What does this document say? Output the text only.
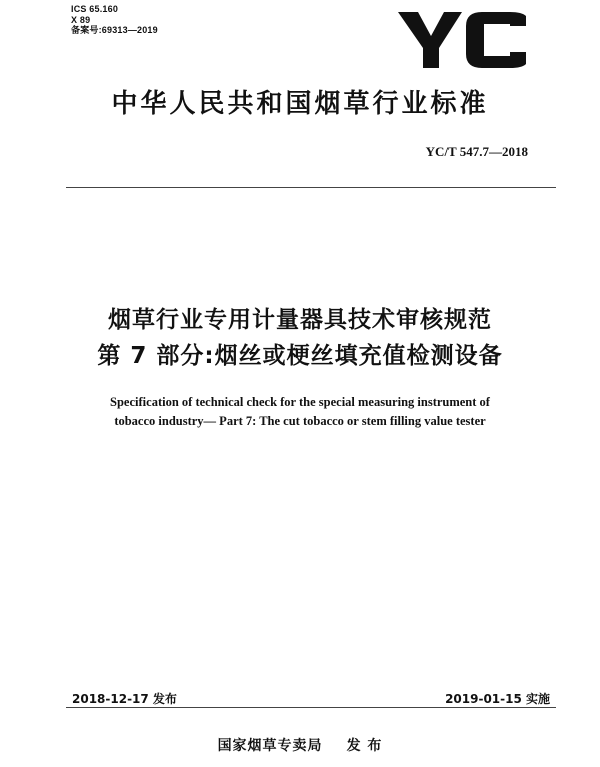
ICS 65.160
X 89
备案号:69313—2019
中华人民共和国烟草行业标准
YC/T 547.7—2018
烟草行业专用计量器具技术审核规范
第 7 部分:烟丝或梗丝填充值检测设备
Specification of technical check for the special measuring instrument of
tobacco industry— Part 7: The cut tobacco or stem filling value tester
2018-12-17 发布	2019-01-15 实施
国家烟草专卖局 发 布
